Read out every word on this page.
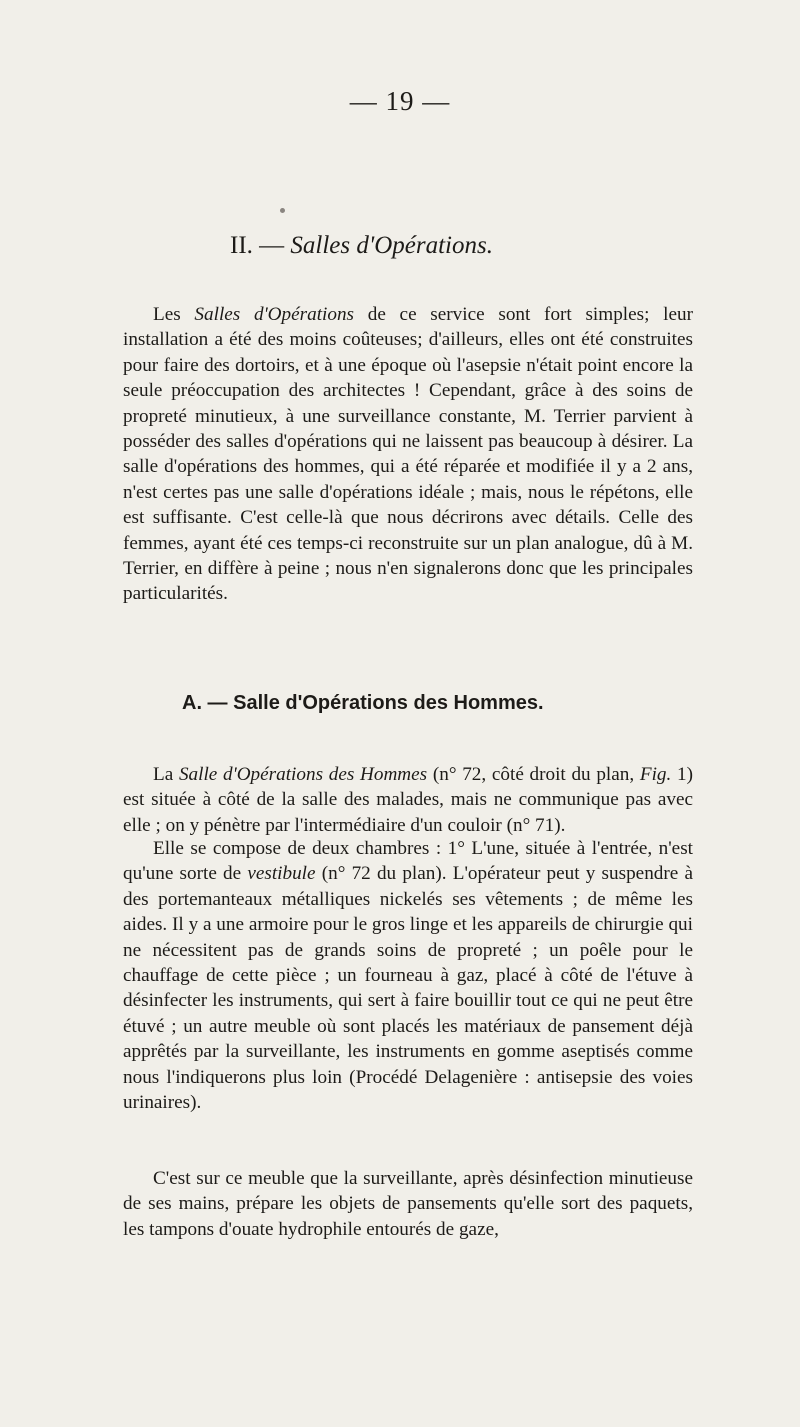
— 19 —
II. — Salles d'Opérations.

Les Salles d'Opérations de ce service sont fort simples; leur installation a été des moins coûteuses; d'ailleurs, elles ont été construites pour faire des dortoirs, et à une époque où l'asepsie n'était point encore la seule préoccupation des architectes ! Cependant, grâce à des soins de propreté minutieux, à une surveillance constante, M. Terrier parvient à posséder des salles d'opérations qui ne laissent pas beaucoup à désirer. La salle d'opérations des hommes, qui a été réparée et modifiée il y a 2 ans, n'est certes pas une salle d'opérations idéale ; mais, nous le répétons, elle est suffisante. C'est celle-là que nous décrirons avec détails. Celle des femmes, ayant été ces temps-ci reconstruite sur un plan analogue, dû à M. Terrier, en diffère à peine ; nous n'en signalerons donc que les principales particularités.

A. — Salle d'Opérations des Hommes.

La Salle d'Opérations des Hommes (n° 72, côté droit du plan, Fig. 1) est située à côté de la salle des malades, mais ne communique pas avec elle ; on y pénètre par l'intermédiaire d'un couloir (n° 71).

Elle se compose de deux chambres : 1° L'une, située à l'entrée, n'est qu'une sorte de vestibule (n° 72 du plan). L'opérateur peut y suspendre à des portemanteaux métalliques nickelés ses vêtements ; de même les aides. Il y a une armoire pour le gros linge et les appareils de chirurgie qui ne nécessitent pas de grands soins de propreté ; un poêle pour le chauffage de cette pièce ; un fourneau à gaz, placé à côté de l'étuve à désinfecter les instruments, qui sert à faire bouillir tout ce qui ne peut être étuvé ; un autre meuble où sont placés les matériaux de pansement déjà apprêtés par la surveillante, les instruments en gomme aseptisés comme nous l'indiquerons plus loin (Procédé Delagenière : antisepsie des voies urinaires).

C'est sur ce meuble que la surveillante, après désinfection minutieuse de ses mains, prépare les objets de pansements qu'elle sort des paquets, les tampons d'ouate hydrophile entourés de gaze,
